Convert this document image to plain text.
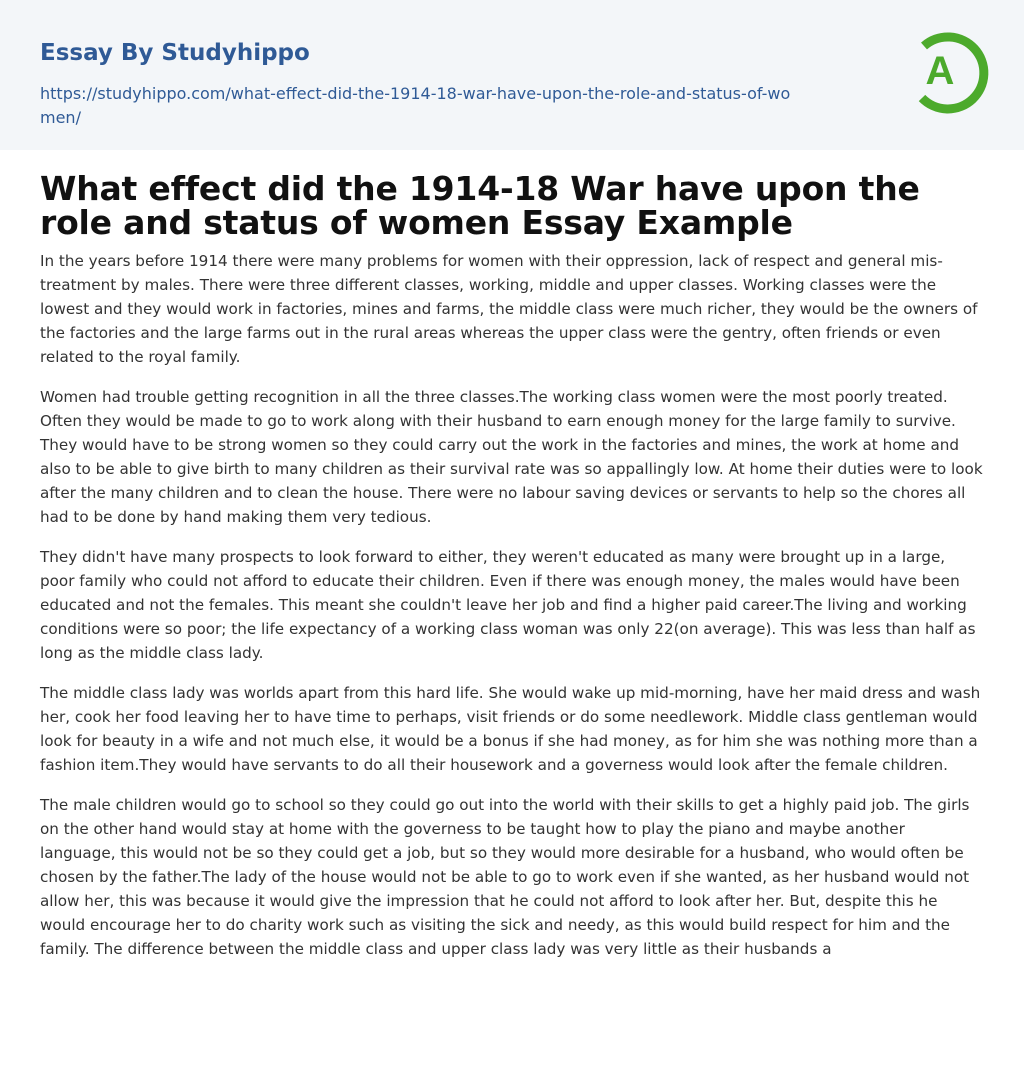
Essay By Studyhippo
https://studyhippo.com/what-effect-did-the-1914-18-war-have-upon-the-role-and-status-of-women/
A
What effect did the 1914-18 War have upon the role and status of women Essay Example

In the years before 1914 there were many problems for women with their oppression, lack of respect and general mis- treatment by males. There were three different classes, working, middle and upper classes. Working classes were the lowest and they would work in factories, mines and farms, the middle class were much richer, they would be the owners of the factories and the large farms out in the rural areas whereas the upper class were the gentry, often friends or even related to the royal family.

Women had trouble getting recognition in all the three classes.The working class women were the most poorly treated. Often they would be made to go to work along with their husband to earn enough money for the large family to survive. They would have to be strong women so they could carry out the work in the factories and mines, the work at home and also to be able to give birth to many children as their survival rate was so appallingly low. At home their duties were to look after the many children and to clean the house. There were no labour saving devices or servants to help so the chores all had to be done by hand making them very tedious.

They didn't have many prospects to look forward to either, they weren't educated as many were brought up in a large, poor family who could not afford to educate their children. Even if there was enough money, the males would have been educated and not the females. This meant she couldn't leave her job and find a higher paid career.The living and working conditions were so poor; the life expectancy of a working class woman was only 22(on average). This was less than half as long as the middle class lady.

The middle class lady was worlds apart from this hard life. She would wake up mid-morning, have her maid dress and wash her, cook her food leaving her to have time to perhaps, visit friends or do some needlework. Middle class gentleman would look for beauty in a wife and not much else, it would be a bonus if she had money, as for him she was nothing more than a fashion item.They would have servants to do all their housework and a governess would look after the female children.

The male children would go to school so they could go out into the world with their skills to get a highly paid job. The girls on the other hand would stay at home with the governess to be taught how to play the piano and maybe another language, this would not be so they could get a job, but so they would more desirable for a husband, who would often be chosen by the father.The lady of the house would not be able to go to work even if she wanted, as her husband would not allow her, this was because it would give the impression that he could not afford to look after her. But, despite this he would encourage her to do charity work such as visiting the sick and needy, as this would build respect for him and the family. The difference between the middle class and upper class lady was very little as their husbands a
